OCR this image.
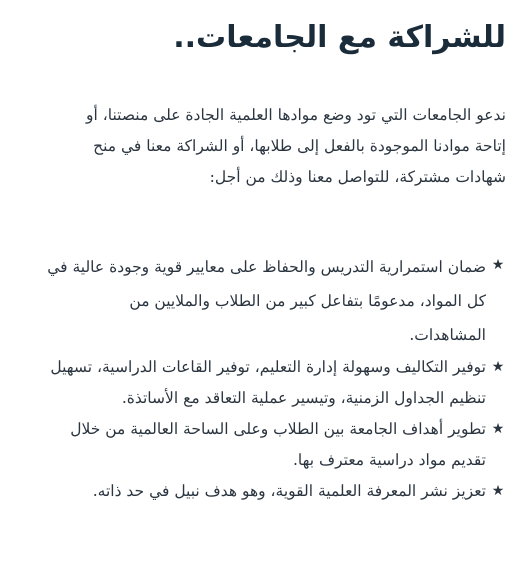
للشراكة مع الجامعات..
ندعو الجامعات التي تود وضع موادها العلمية الجادة على منصتنا، أو
إتاحة موادنا الموجودة بالفعل إلى طلابها، أو الشراكة معنا في منح
شهادات مشتركة، للتواصل معنا وذلك من أجل:
★
ضمان استمرارية التدريس والحفاظ على معايير قوية وجودة عالية في
كل المواد، مدعومًا بتفاعل كبير من الطلاب والملايين من
المشاهدات.
★
توفير التكاليف وسهولة إدارة التعليم، توفير القاعات الدراسية، تسهيل
تنظيم الجداول الزمنية، وتيسير عملية التعاقد مع الأساتذة.
★
تطوير أهداف الجامعة بين الطلاب وعلى الساحة العالمية من خلال
تقديم مواد دراسية معترف بها.
★
تعزيز نشر المعرفة العلمية القوية، وهو هدف نبيل في حد ذاته.
